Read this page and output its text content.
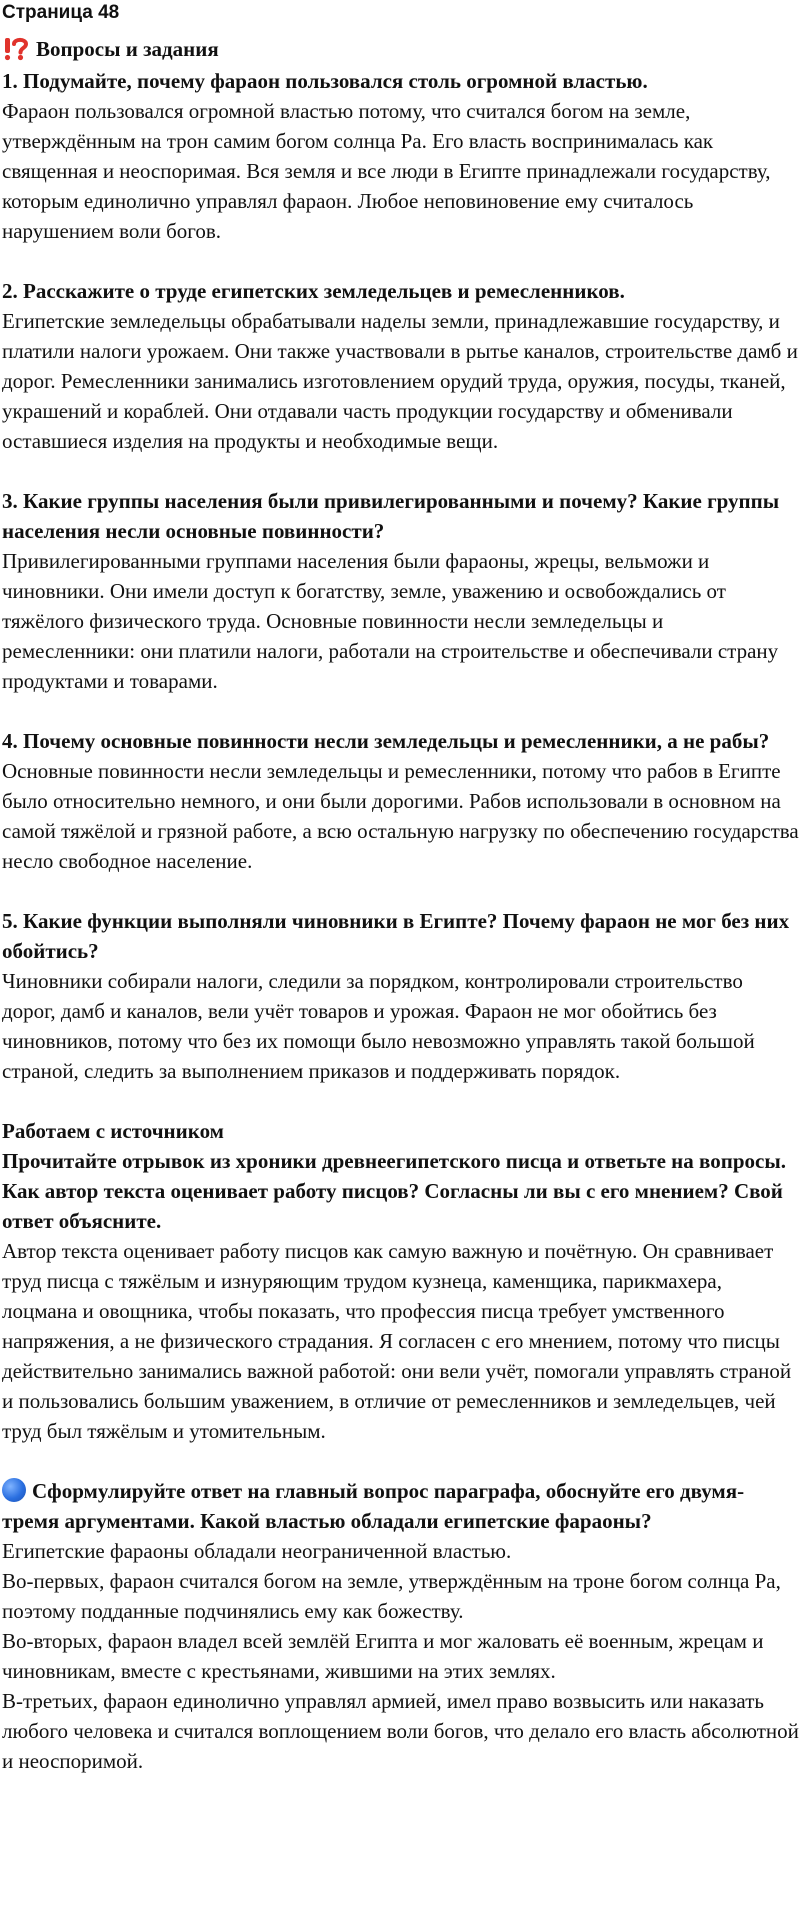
Страница 48
Вопросы и задания
1. Подумайте, почему фараон пользовался столь огромной властью.
Фараон пользовался огромной властью потому, что считался богом на земле, утверждённым на трон самим богом солнца Ра. Его власть воспринималась как священная и неоспоримая. Вся земля и все люди в Египте принадлежали государству, которым единолично управлял фараон. Любое неповиновение ему считалось нарушением воли богов.
2. Расскажите о труде египетских земледельцев и ремесленников.
Египетские земледельцы обрабатывали наделы земли, принадлежавшие государству, и платили налоги урожаем. Они также участвовали в рытье каналов, строительстве дамб и дорог. Ремесленники занимались изготовлением орудий труда, оружия, посуды, тканей, украшений и кораблей. Они отдавали часть продукции государству и обменивали оставшиеся изделия на продукты и необходимые вещи.
3. Какие группы населения были привилегированными и почему? Какие группы населения несли основные повинности?
Привилегированными группами населения были фараоны, жрецы, вельможи и чиновники. Они имели доступ к богатству, земле, уважению и освобождались от тяжёлого физического труда. Основные повинности несли земледельцы и ремесленники: они платили налоги, работали на строительстве и обеспечивали страну продуктами и товарами.
4. Почему основные повинности несли земледельцы и ремесленники, а не рабы?
Основные повинности несли земледельцы и ремесленники, потому что рабов в Египте было относительно немного, и они были дорогими. Рабов использовали в основном на самой тяжёлой и грязной работе, а всю остальную нагрузку по обеспечению государства несло свободное население.
5. Какие функции выполняли чиновники в Египте? Почему фараон не мог без них обойтись?
Чиновники собирали налоги, следили за порядком, контролировали строительство дорог, дамб и каналов, вели учёт товаров и урожая. Фараон не мог обойтись без чиновников, потому что без их помощи было невозможно управлять такой большой страной, следить за выполнением приказов и поддерживать порядок.
Работаем с источником
Прочитайте отрывок из хроники древнеегипетского писца и ответьте на вопросы. Как автор текста оценивает работу писцов? Согласны ли вы с его мнением? Свой ответ объясните.
Автор текста оценивает работу писцов как самую важную и почётную. Он сравнивает труд писца с тяжёлым и изнуряющим трудом кузнеца, каменщика, парикмахера, лоцмана и овощника, чтобы показать, что профессия писца требует умственного напряжения, а не физического страдания. Я согласен с его мнением, потому что писцы действительно занимались важной работой: они вели учёт, помогали управлять страной и пользовались большим уважением, в отличие от ремесленников и земледельцев, чей труд был тяжёлым и утомительным.
Сформулируйте ответ на главный вопрос параграфа, обоснуйте его двумя-тремя аргументами. Какой властью обладали египетские фараоны?
Египетские фараоны обладали неограниченной властью.
Во-первых, фараон считался богом на земле, утверждённым на троне богом солнца Ра, поэтому подданные подчинялись ему как божеству.
Во-вторых, фараон владел всей землёй Египта и мог жаловать её военным, жрецам и чиновникам, вместе с крестьянами, жившими на этих землях.
В-третьих, фараон единолично управлял армией, имел право возвысить или наказать любого человека и считался воплощением воли богов, что делало его власть абсолютной и неоспоримой.
